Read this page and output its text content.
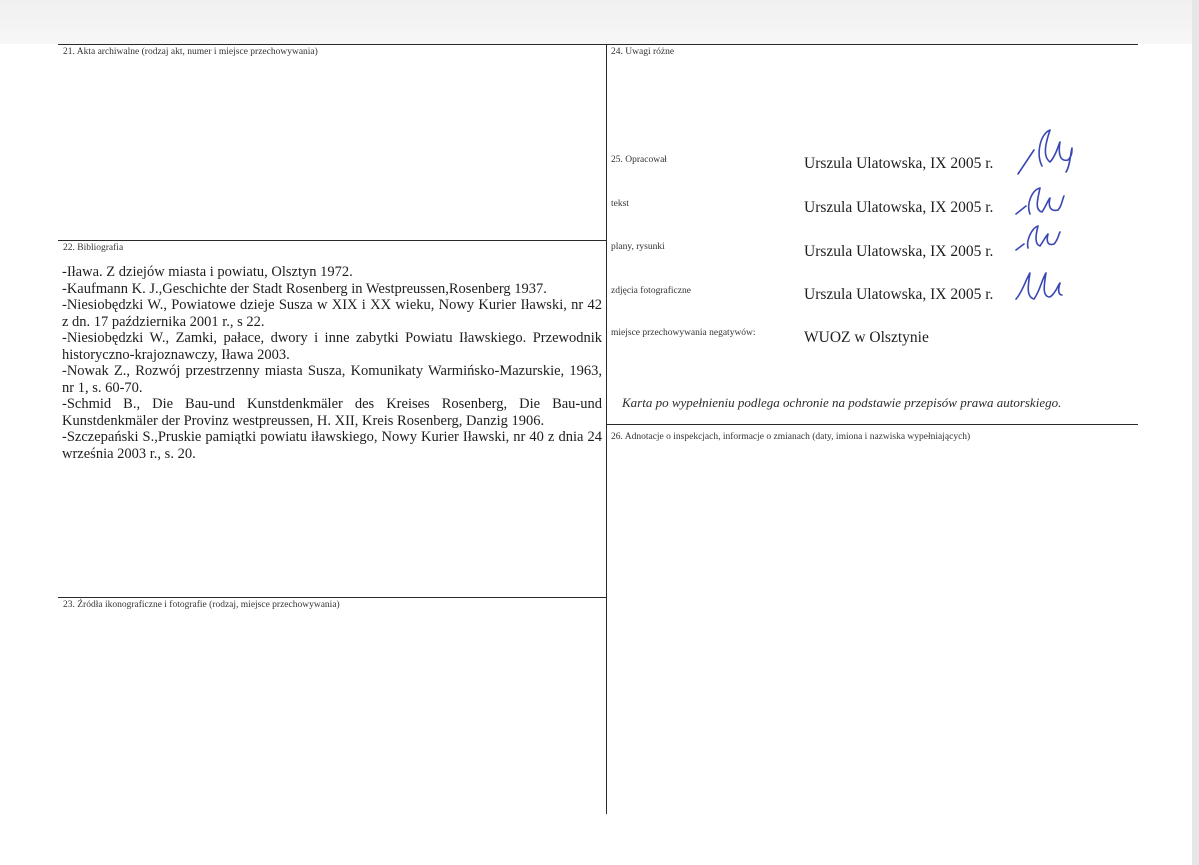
21. Akta archiwalne (rodzaj akt, numer i miejsce przechowywania)	24. Uwagi różne
22. Bibliografia
23. Źródła ikonograficzne i fotografie (rodzaj, miejsce przechowywania)
26. Adnotacje o inspekcjach, informacje o zmianach (daty, imiona i nazwiska wypełniających)
-Iława. Z dziejów miasta i powiatu, Olsztyn 1972.
-Kaufmann K. J.,Geschichte der Stadt Rosenberg in Westpreussen,Rosenberg 1937.
-Niesiobędzki W., Powiatowe dzieje Susza w XIX i XX wieku, Nowy Kurier Iławski, nr 42 z dn. 17 października 2001 r., s 22.
-Niesiobędzki W., Zamki, pałace, dwory i inne zabytki Powiatu Iławskiego. Przewodnik historyczno-krajoznawczy, Iława 2003.
-Nowak Z., Rozwój przestrzenny miasta Susza, Komunikaty Warmińsko-Mazurskie, 1963, nr 1, s. 60-70.
-Schmid B., Die Bau-und Kunstdenkmäler des Kreises Rosenberg, Die Bau-und Kunstdenkmäler der Provinz westpreussen, H. XII, Kreis Rosenberg, Danzig 1906.
-Szczepański S.,Pruskie pamiątki powiatu iławskiego, Nowy Kurier Iławski, nr 40 z dnia 24 września 2003 r., s. 20.
25. Opracował	Urszula Ulatowska, IX 2005 r.
tekst	Urszula Ulatowska, IX 2005 r.
plany, rysunki	Urszula Ulatowska, IX 2005 r.
zdjęcia fotograficzne	Urszula Ulatowska, IX 2005 r.
miejsce przechowywania negatywów:	WUOZ w Olsztynie
Karta po wypełnieniu podlega ochronie na podstawie przepisów prawa autorskiego.
